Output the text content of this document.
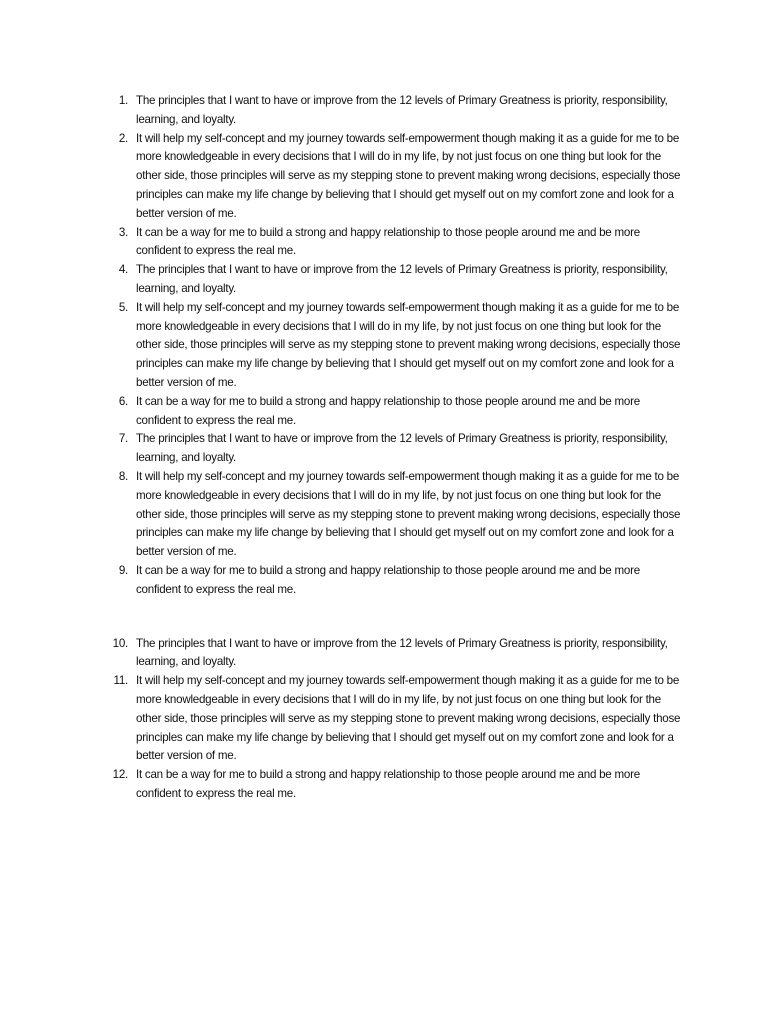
1. The principles that I want to have or improve from the 12 levels of Primary Greatness is priority, responsibility, learning, and loyalty.
2. It will help my self-concept and my journey towards self-empowerment though making it as a guide for me to be more knowledgeable in every decisions that I will do in my life, by not just focus on one thing but look for the other side, those principles will serve as my stepping stone to prevent making wrong decisions, especially those principles can make my life change by believing that I should get myself out on my comfort zone and look for a better version of me.
3. It can be a way for me to build a strong and happy relationship to those people around me and be more confident to express the real me.
4. The principles that I want to have or improve from the 12 levels of Primary Greatness is priority, responsibility, learning, and loyalty.
5. It will help my self-concept and my journey towards self-empowerment though making it as a guide for me to be more knowledgeable in every decisions that I will do in my life, by not just focus on one thing but look for the other side, those principles will serve as my stepping stone to prevent making wrong decisions, especially those principles can make my life change by believing that I should get myself out on my comfort zone and look for a better version of me.
6. It can be a way for me to build a strong and happy relationship to those people around me and be more confident to express the real me.
7. The principles that I want to have or improve from the 12 levels of Primary Greatness is priority, responsibility, learning, and loyalty.
8. It will help my self-concept and my journey towards self-empowerment though making it as a guide for me to be more knowledgeable in every decisions that I will do in my life, by not just focus on one thing but look for the other side, those principles will serve as my stepping stone to prevent making wrong decisions, especially those principles can make my life change by believing that I should get myself out on my comfort zone and look for a better version of me.
9. It can be a way for me to build a strong and happy relationship to those people around me and be more confident to express the real me.
10. The principles that I want to have or improve from the 12 levels of Primary Greatness is priority, responsibility, learning, and loyalty.
11. It will help my self-concept and my journey towards self-empowerment though making it as a guide for me to be more knowledgeable in every decisions that I will do in my life, by not just focus on one thing but look for the other side, those principles will serve as my stepping stone to prevent making wrong decisions, especially those principles can make my life change by believing that I should get myself out on my comfort zone and look for a better version of me.
12. It can be a way for me to build a strong and happy relationship to those people around me and be more confident to express the real me.
